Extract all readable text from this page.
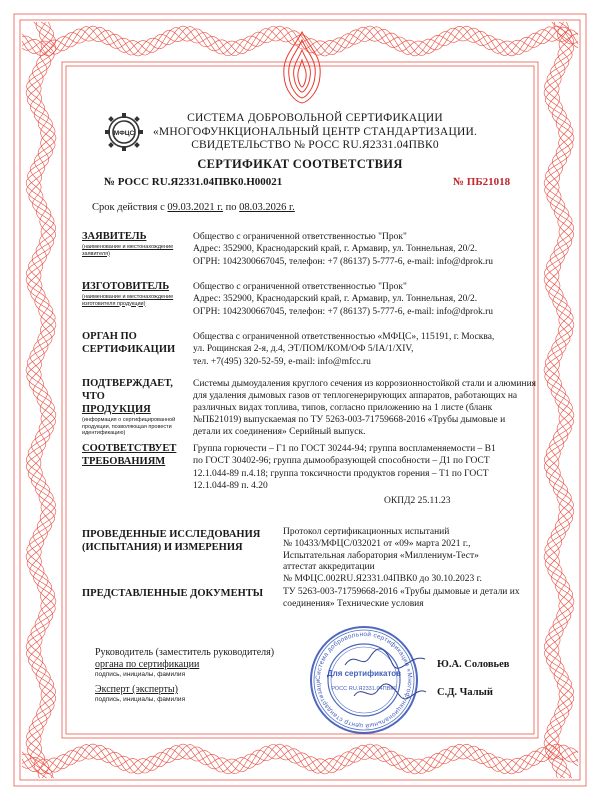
МФЦС
СИСТЕМА ДОБРОВОЛЬНОЙ СЕРТИФИКАЦИИ
«МНОГОФУНКЦИОНАЛЬНЫЙ ЦЕНТР СТАНДАРТИЗАЦИИ.
СВИДЕТЕЛЬСТВО № РОСС RU.Я2331.04ПВК0
СЕРТИФИКАТ СООТВЕТСТВИЯ
№ РОСС RU.Я2331.04ПВК0.Н00021	№ ПБ21018
Срок действия с 09.03.2021 г. по 08.03.2026 г.
ЗАЯВИТЕЛЬ
(наименование и местонахождение заявителя)
Общество с ограниченной ответственностью "Прок"
Адрес: 352900, Краснодарский край, г. Армавир, ул. Тоннельная, 20/2.
ОГРН: 1042300667045, телефон: +7 (86137) 5-777-6, e-mail: info@dprok.ru
ИЗГОТОВИТЕЛЬ
(наименование и местонахождение изготовителя продукции)
Общество с ограниченной ответственностью "Прок"
Адрес: 352900, Краснодарский край, г. Армавир, ул. Тоннельная, 20/2.
ОГРН: 1042300667045, телефон: +7 (86137) 5-777-6, e-mail: info@dprok.ru
ОРГАН ПО
СЕРТИФИКАЦИИ
Общества с ограниченной ответственностью «МФЦС», 115191, г. Москва,
ул. Рощинская 2-я, д.4, ЭТ/ПОМ/КОМ/ОФ 5/IA/1/XIV,
тел. +7(495) 320-52-59, e-mail: info@mfcc.ru
ПОДТВЕРЖДАЕТ, ЧТО
ПРОДУКЦИЯ
(информация о сертифицированной продукции, позволяющая провести идентификацию)
Системы дымоудаления круглого сечения из коррозионностойкой стали и алюминия
для удаления дымовых газов от теплогенерирующих аппаратов, работающих на
различных видах топлива, типов, согласно приложению на 1 листе (бланк
№ПБ21019) выпускаемая по ТУ 5263-003-71759668-2016 «Трубы дымовые и
детали их соединения» Серийный выпуск.
СООТВЕТСТВУЕТ
ТРЕБОВАНИЯМ
Группа горючести – Г1 по ГОСТ 30244-94; группа воспламеняемости – В1
по ГОСТ 30402-96; группа дымообразующей способности – Д1 по ГОСТ
12.1.044-89 п.4.18; группа токсичности продуктов горения – Т1 по ГОСТ
12.1.044-89 п. 4.20
ОКПД2 25.11.23
ПРОВЕДЕННЫЕ ИССЛЕДОВАНИЯ
(ИСПЫТАНИЯ) И ИЗМЕРЕНИЯ
Протокол сертификационных испытаний
№ 10433/МФЦС/032021 от «09» марта 2021 г.,
Испытательная лаборатория «Миллениум-Тест»
аттестат аккредитации
№ МФЦС.002RU.Я2331.04ПВК0 до 30.10.2023 г.
ПРЕДСТАВЛЕННЫЕ ДОКУМЕНТЫ ТУ 5263-003-71759668-2016 «Трубы дымовые и детали их
соединения» Технические условия
Руководитель (заместитель руководителя)
органа по сертификации
подпись, инициалы, фамилия
Эксперт (эксперты)
подпись, инициалы, фамилия
Ю.А. Соловьев
С.Д. Чалый
Система добровольной сертификации «Многофункциональный центр стандартизаци
Для сертификатов
РОСС RU.Я2331.04ПВК0
